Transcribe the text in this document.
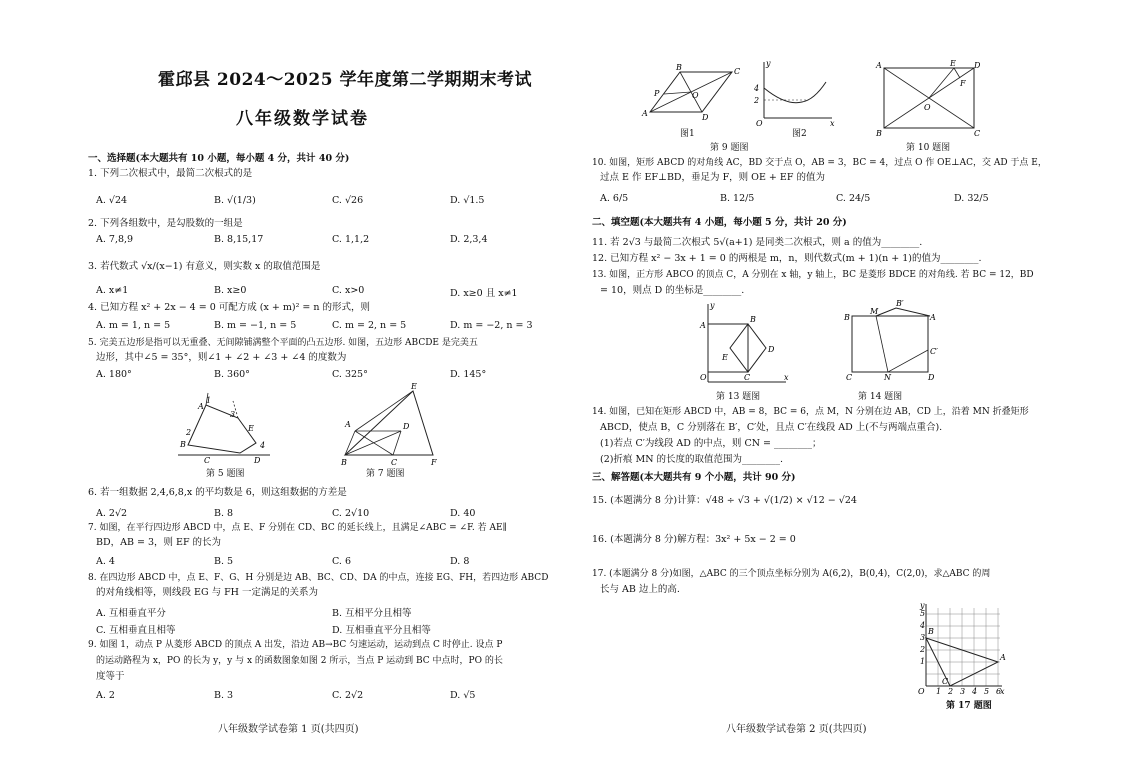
霍邱县 2024～2025 学年度第二学期期末考试
八年级数学试卷
一、选择题(本大题共有 10 小题，每小题 4 分，共计 40 分)
1. 下列二次根式中，最简二次根式的是
A. √24	B. √(1/3)	C. √26	D. √1.5
2. 下列各组数中，是勾股数的一组是
A. 7,8,9	B. 8,15,17	C. 1,1,2	D. 2,3,4
3. 若代数式 √x/(x−1) 有意义，则实数 x 的取值范围是
A. x≠1	B. x≥0	C. x>0	D. x≥0 且 x≠1
4. 已知方程 x² + 2x − 4 = 0 可配方成 (x + m)² = n 的形式，则
A. m = 1, n = 5	B. m = −1, n = 5	C. m = 2, n = 5	D. m = −2, n = 3
5. 完美五边形是指可以无重叠、无间隙铺满整个平面的凸五边形. 如图，五边形 ABCDE 是完美五
边形，其中∠5 = 35°，则∠1 + ∠2 + ∠3 + ∠4 的度数为
A. 180°	B. 360°	C. 325°	D. 145°
A
1
B
2
C	D
E
4
3
第 5 题图
A	D
E
B	C	F
第 7 题图
6. 若一组数据 2,4,6,8,x 的平均数是 6，则这组数据的方差是
A. 2√2	B. 8	C. 2√10	D. 40
7. 如图，在平行四边形 ABCD 中，点 E、F 分别在 CD、BC 的延长线上，且满足∠ABC = ∠F. 若 AE∥
BD，AB = 3，则 EF 的长为
A. 4	B. 5	C. 6	D. 8
8. 在四边形 ABCD 中，点 E、F、G、H 分别是边 AB、BC、CD、DA 的中点，连接 EG、FH，若四边形 ABCD
的对角线相等，则线段 EG 与 FH 一定满足的关系为
A. 互相垂直平分	B. 互相平分且相等
C. 互相垂直且相等	D. 互相垂直平分且相等
9. 如图 1，动点 P 从菱形 ABCD 的顶点 A 出发，沿边 AB→BC 匀速运动，运动到点 C 时停止. 设点 P
的运动路程为 x，PO 的长为 y，y 与 x 的函数图象如图 2 所示，当点 P 运动到 BC 中点时，PO 的长
度等于
A. 2	B. 3	C. 2√2	D. √5
八年级数学试卷第 1 页(共四页)
B	C
A	D
P	O
图1
4
2
y
x
O
图2
第 9 题图
A	E D
F
O
B	C
第 10 题图
10. 如图，矩形 ABCD 的对角线 AC，BD 交于点 O，AB = 3，BC = 4，过点 O 作 OE⊥AC，交 AD 于点 E，
过点 E 作 EF⊥BD，垂足为 F，则 OE + EF 的值为
A. 6/5	B. 12/5	C. 24/5	D. 32/5
二、填空题(本大题共有 4 小题，每小题 5 分，共计 20 分)
11. 若 2√3 与最简二次根式 5√(a+1) 是同类二次根式，则 a 的值为________.
12. 已知方程 x² − 3x + 1 = 0 的两根是 m，n，则代数式(m + 1)(n + 1)的值为________.
13. 如图，正方形 ABCO 的顶点 C，A 分别在 x 轴，y 轴上，BC 是菱形 BDCE 的对角线. 若 BC = 12，BD
= 10，则点 D 的坐标是________.
y
A
B
D
E
O	C	x
第 13 题图
B
M
B′
A
C′
C	N	D
第 14 题图
14. 如图，已知在矩形 ABCD 中，AB = 8，BC = 6，点 M，N 分别在边 AB，CD 上，沿着 MN 折叠矩形
ABCD，使点 B，C 分别落在 B′，C′处，且点 C′在线段 AD 上(不与两端点重合).
(1)若点 C′为线段 AD 的中点，则 CN = ________；
(2)折痕 MN 的长度的取值范围为________.
三、解答题(本大题共有 9 个小题，共计 90 分)
15. (本题满分 8 分)计算：√48 ÷ √3 + √(1/2) × √12 − √24
16. (本题满分 8 分)解方程：3x² + 5x − 2 = 0
17. (本题满分 8 分)如图，△ABC 的三个顶点坐标分别为 A(6,2)，B(0,4)，C(2,0)，求△ABC 的周
长与 AB 边上的高.
y
x
O
B
A
C
5
4
3
2
1
1 2 3 4 5 6
第 17 题图
八年级数学试卷第 2 页(共四页)
